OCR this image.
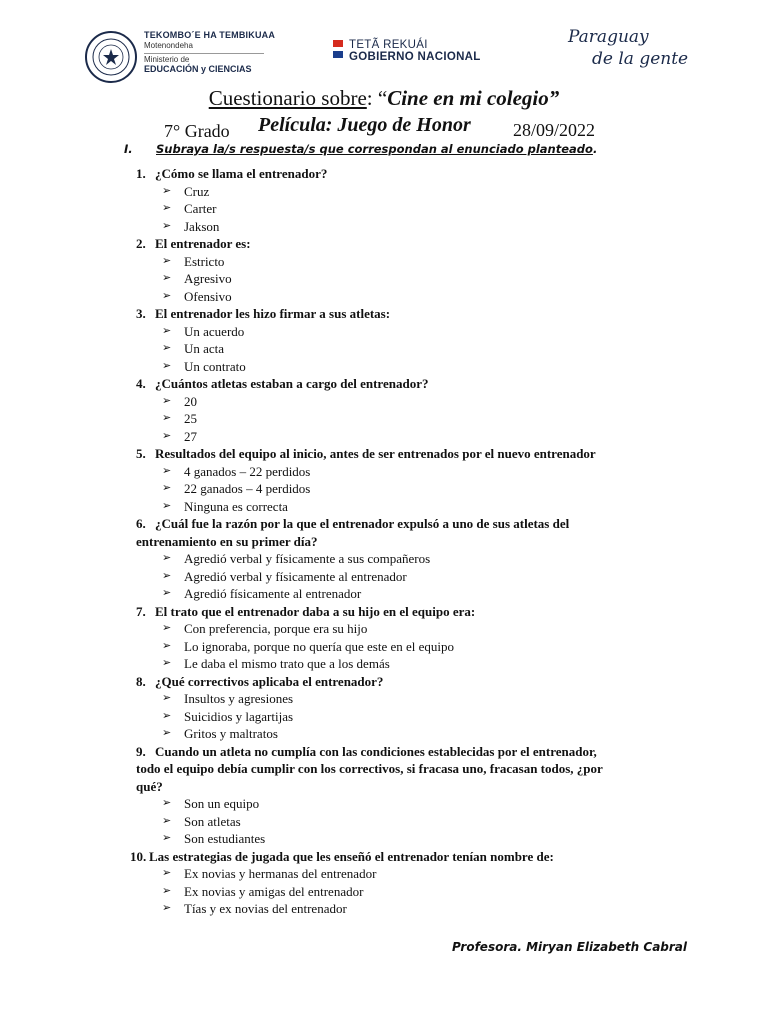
TEKOMBO´E HA TEMBIKUAA
Motenondeha
Ministerio de
EDUCACIÓN y CIENCIAS
TETÃ REKUÁI
GOBIERNO NACIONAL
Paraguay
de la gente
Cuestionario sobre: “Cine en mi colegio”
7° Grado Película: Juego de Honor 28/09/2022
I. Subraya la/s respuesta/s que correspondan al enunciado planteado.
1. ¿Cómo se llama el entrenador?
➢ Cruz
➢ Carter
➢ Jakson
2. El entrenador es:
➢ Estricto
➢ Agresivo
➢ Ofensivo
3. El entrenador les hizo firmar a sus atletas:
➢ Un acuerdo
➢ Un acta
➢ Un contrato
4. ¿Cuántos atletas estaban a cargo del entrenador?
➢ 20
➢ 25
➢ 27
5. Resultados del equipo al inicio, antes de ser entrenados por el nuevo entrenador
➢ 4 ganados – 22 perdidos
➢ 22 ganados – 4 perdidos
➢ Ninguna es correcta
6. ¿Cuál fue la razón por la que el entrenador expulsó a uno de sus atletas del entrenamiento en su primer día?
➢ Agredió verbal y físicamente a sus compañeros
➢ Agredió verbal y físicamente al entrenador
➢ Agredió físicamente al entrenador
7. El trato que el entrenador daba a su hijo en el equipo era:
➢ Con preferencia, porque era su hijo
➢ Lo ignoraba, porque no quería que este en el equipo
➢ Le daba el mismo trato que a los demás
8. ¿Qué correctivos aplicaba el entrenador?
➢ Insultos y agresiones
➢ Suicidios y lagartijas
➢ Gritos y maltratos
9. Cuando un atleta no cumplía con las condiciones establecidas por el entrenador, todo el equipo debía cumplir con los correctivos, si fracasa uno, fracasan todos, ¿por qué?
➢ Son un equipo
➢ Son atletas
➢ Son estudiantes
10. Las estrategias de jugada que les enseñó el entrenador tenían nombre de:
➢ Ex novias y hermanas del entrenador
➢ Ex novias y amigas del entrenador
➢ Tías y ex novias del entrenador
Profesora. Miryan Elizabeth Cabral
